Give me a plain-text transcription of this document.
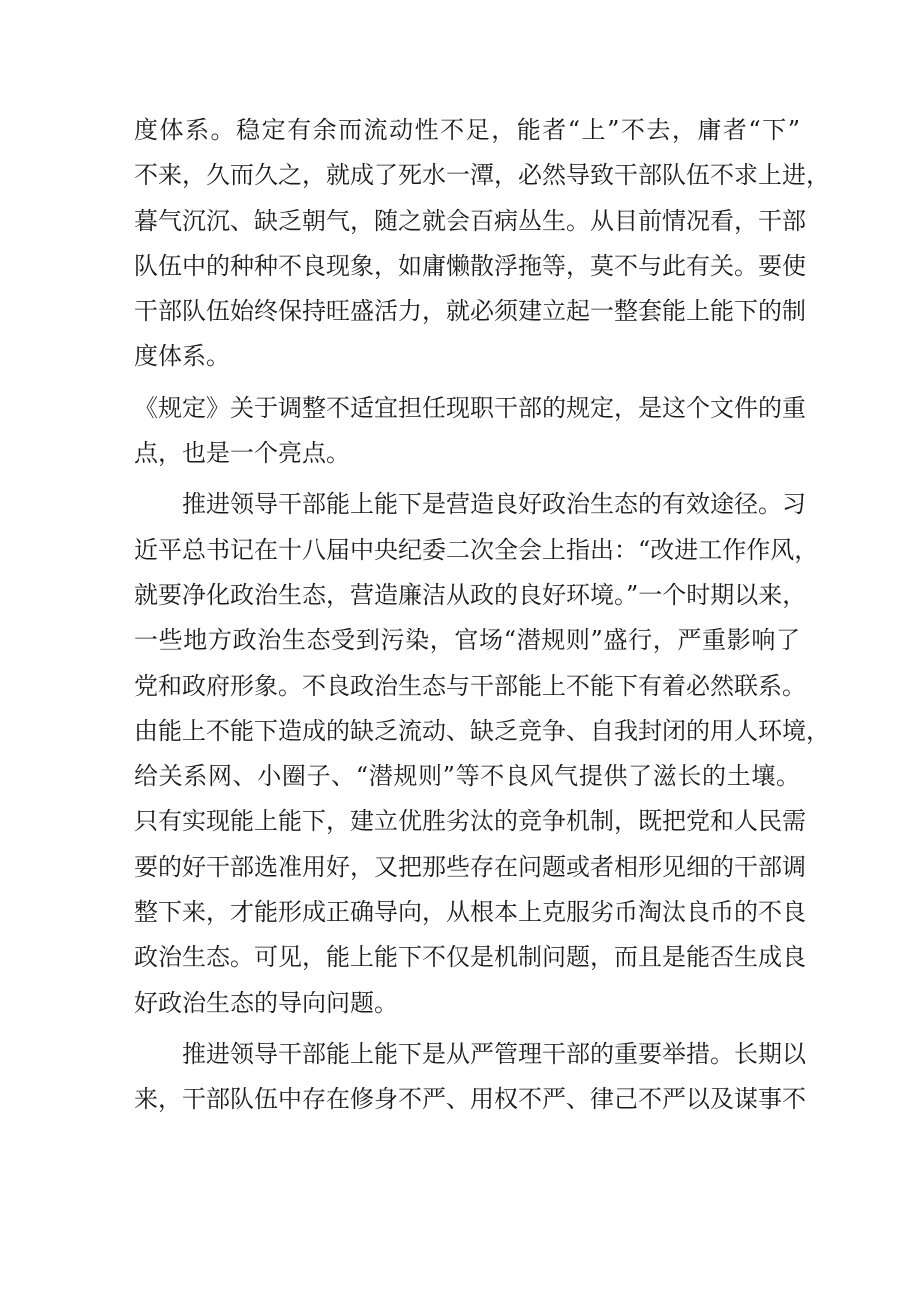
度体系。稳定有余而流动性不足，能者“上”不去，庸者“下”
不来，久而久之，就成了死水一潭，必然导致干部队伍不求上进，
暮气沉沉、缺乏朝气，随之就会百病丛生。从目前情况看，干部
队伍中的种种不良现象，如庸懒散浮拖等，莫不与此有关。要使
干部队伍始终保持旺盛活力，就必须建立起一整套能上能下的制
度体系。
《规定》关于调整不适宜担任现职干部的规定，是这个文件的重
点，也是一个亮点。
推进领导干部能上能下是营造良好政治生态的有效途径。习
近平总书记在十八届中央纪委二次全会上指出：“改进工作作风，
就要净化政治生态，营造廉洁从政的良好环境。”一个时期以来，
一些地方政治生态受到污染，官场“潜规则”盛行，严重影响了
党和政府形象。不良政治生态与干部能上不能下有着必然联系。
由能上不能下造成的缺乏流动、缺乏竞争、自我封闭的用人环境，
给关系网、小圈子、“潜规则”等不良风气提供了滋长的土壤。
只有实现能上能下，建立优胜劣汰的竞争机制，既把党和人民需
要的好干部选准用好，又把那些存在问题或者相形见细的干部调
整下来，才能形成正确导向，从根本上克服劣币淘汰良币的不良
政治生态。可见，能上能下不仅是机制问题，而且是能否生成良
好政治生态的导向问题。
推进领导干部能上能下是从严管理干部的重要举措。长期以
来，干部队伍中存在修身不严、用权不严、律己不严以及谋事不
